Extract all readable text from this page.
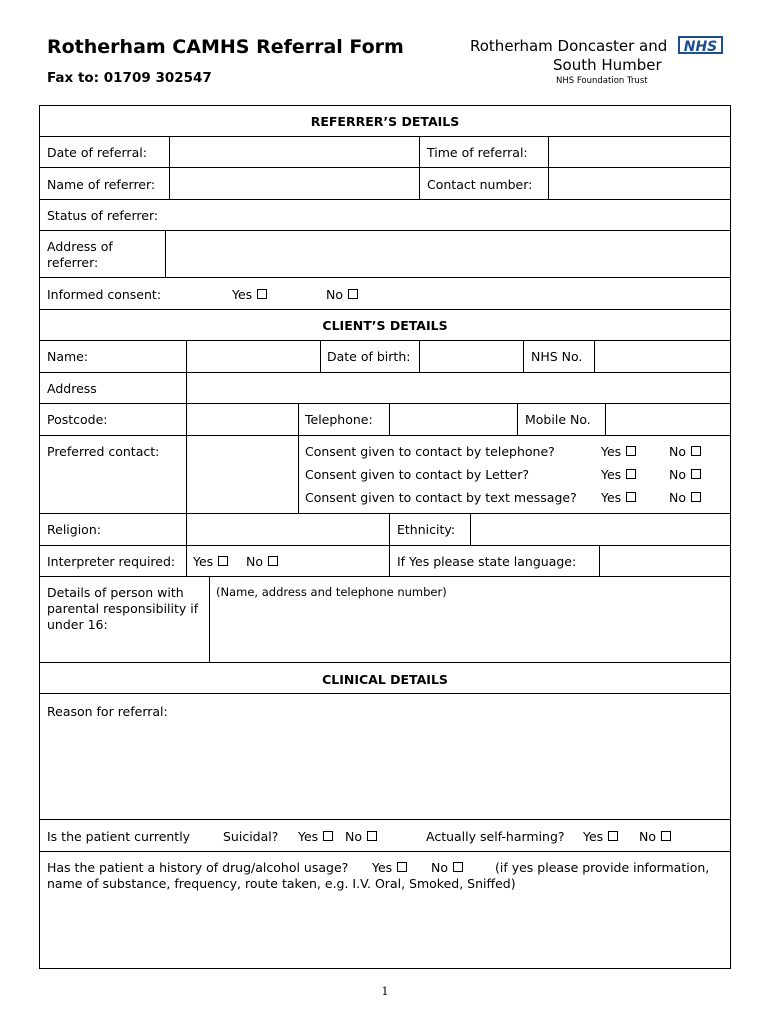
Rotherham CAMHS Referral Form
Fax to: 01709 302547
Rotherham Doncaster and	NHS
South Humber
NHS Foundation Trust
REFERRER’S DETAILS
Date of referral:	Time of referral:
Name of referrer:	Contact number:
Status of referrer:
Address of
referrer:
Informed consent:	Yes	No
CLIENT’S DETAILS
Name:	Date of birth:	NHS No.
Address
Postcode:	Telephone:	Mobile No.
Preferred contact:	Consent given to contact by telephone?	Yes	No
Consent given to contact by Letter?	Yes	No
Consent given to contact by text message? Yes	No
Religion:	Ethnicity:
Interpreter required: Yes	No	If Yes please state language:
Details of person with
parental responsibility if
under 16:
(Name, address and telephone number)
CLINICAL DETAILS
Reason for referral:
Is the patient currently	Suicidal? Yes	No	Actually self-harming? Yes	No
Has the patient a history of drug/alcohol usage? Yes	No	(if yes please provide information,
name of substance, frequency, route taken, e.g. I.V. Oral, Smoked, Sniffed)
1
